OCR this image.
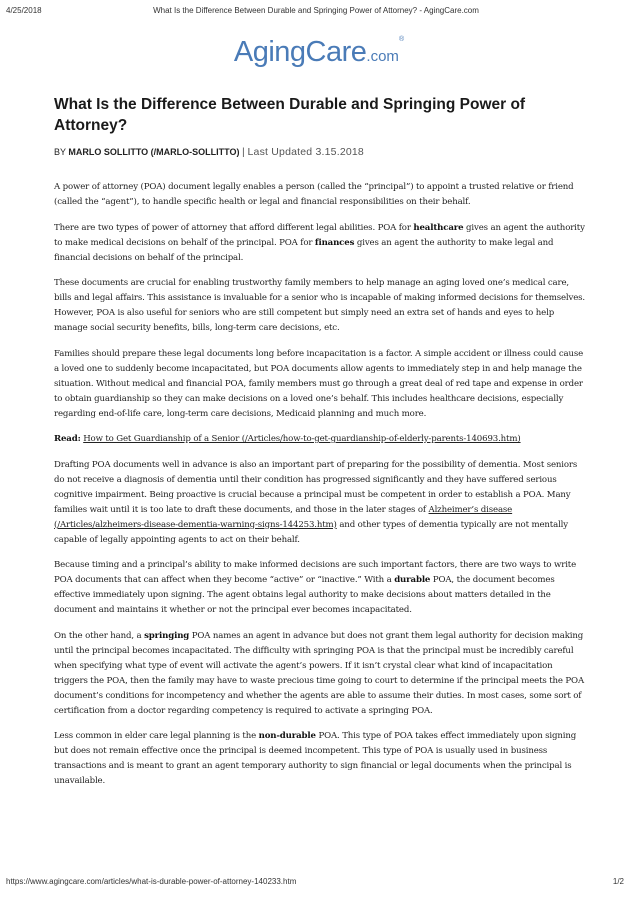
4/25/2018	What Is the Difference Between Durable and Springing Power of Attorney? - AgingCare.com
AgingCare.com®
What Is the Difference Between Durable and Springing Power of Attorney?
BY MARLO SOLLITTO (/MARLO-SOLLITTO) | Last Updated 3.15.2018

A power of attorney (POA) document legally enables a person (called the “principal”) to appoint a trusted relative or friend (called the “agent”), to handle specific health or legal and financial responsibilities on their behalf.

There are two types of power of attorney that afford different legal abilities. POA for healthcare gives an agent the authority to make medical decisions on behalf of the principal. POA for finances gives an agent the authority to make legal and financial decisions on behalf of the principal.

These documents are crucial for enabling trustworthy family members to help manage an aging loved one’s medical care, bills and legal affairs. This assistance is invaluable for a senior who is incapable of making informed decisions for themselves. However, POA is also useful for seniors who are still competent but simply need an extra set of hands and eyes to help manage social security benefits, bills, long-term care decisions, etc.

Families should prepare these legal documents long before incapacitation is a factor. A simple accident or illness could cause a loved one to suddenly become incapacitated, but POA documents allow agents to immediately step in and help manage the situation. Without medical and financial POA, family members must go through a great deal of red tape and expense in order to obtain guardianship so they can make decisions on a loved one’s behalf. This includes healthcare decisions, especially regarding end-of-life care, long-term care decisions, Medicaid planning and much more.

Read: How to Get Guardianship of a Senior (/Articles/how-to-get-guardianship-of-elderly-parents-140693.htm)

Drafting POA documents well in advance is also an important part of preparing for the possibility of dementia. Most seniors do not receive a diagnosis of dementia until their condition has progressed significantly and they have suffered serious cognitive impairment. Being proactive is crucial because a principal must be competent in order to establish a POA. Many families wait until it is too late to draft these documents, and those in the later stages of Alzheimer’s disease (/Articles/alzheimers-disease-dementia-warning-signs-144253.htm) and other types of dementia typically are not mentally capable of legally appointing agents to act on their behalf.

Because timing and a principal’s ability to make informed decisions are such important factors, there are two ways to write POA documents that can affect when they become “active” or “inactive.” With a durable POA, the document becomes effective immediately upon signing. The agent obtains legal authority to make decisions about matters detailed in the document and maintains it whether or not the principal ever becomes incapacitated.

On the other hand, a springing POA names an agent in advance but does not grant them legal authority for decision making until the principal becomes incapacitated. The difficulty with springing POA is that the principal must be incredibly careful when specifying what type of event will activate the agent’s powers. If it isn’t crystal clear what kind of incapacitation triggers the POA, then the family may have to waste precious time going to court to determine if the principal meets the POA document’s conditions for incompetency and whether the agents are able to assume their duties. In most cases, some sort of certification from a doctor regarding competency is required to activate a springing POA.

Less common in elder care legal planning is the non-durable POA. This type of POA takes effect immediately upon signing but does not remain effective once the principal is deemed incompetent. This type of POA is usually used in business transactions and is meant to grant an agent temporary authority to sign financial or legal documents when the principal is unavailable.

https://www.agingcare.com/articles/what-is-durable-power-of-attorney-140233.htm	1/2
